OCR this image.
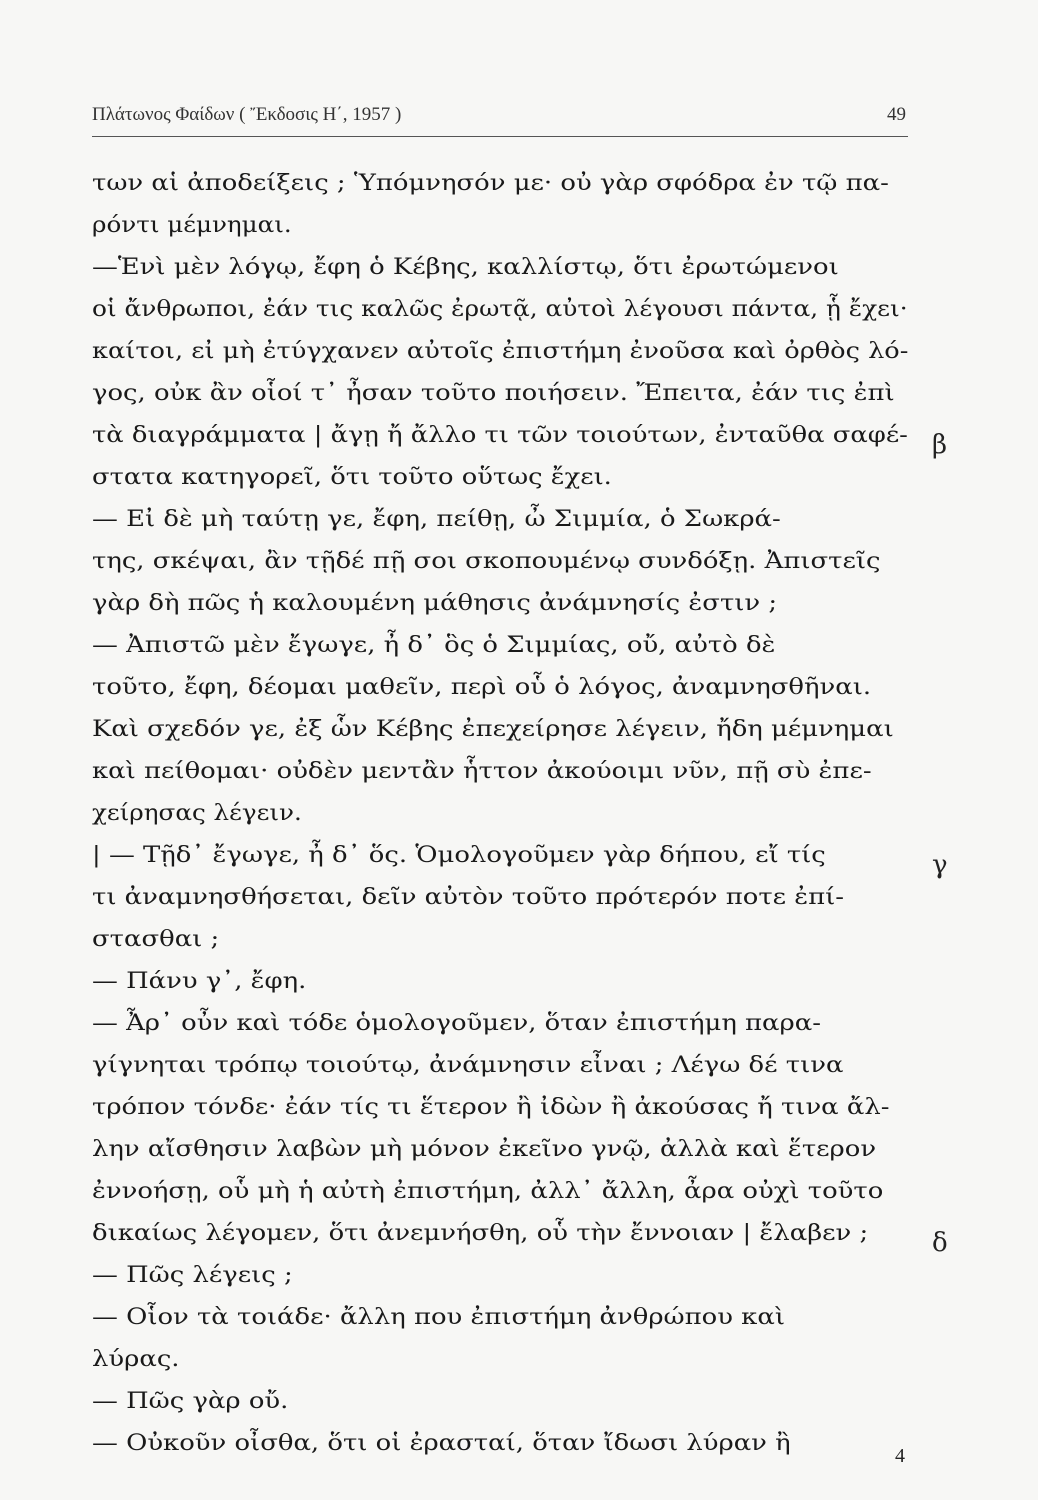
Πλάτωνος Φαίδων ( Ἔκδοσις Η΄, 1957 )	49
των αἱ ἀποδείξεις ; Ὑπόμνησόν με· οὐ γὰρ σφόδρα ἐν τῷ πα-
ρόντι μέμνημαι.
—Ἑνὶ μὲν λόγῳ, ἔφη ὁ Κέβης, καλλίστῳ, ὅτι ἐρωτώμενοι
οἱ ἄνθρωποι, ἐάν τις καλῶς ἐρωτᾷ, αὐτοὶ λέγουσι πάντα, ᾗ ἔχει·
καίτοι, εἰ μὴ ἐτύγχανεν αὐτοῖς ἐπιστήμη ἐνοῦσα καὶ ὀρθὸς λό-
γος, οὐκ ἂν οἷοί τ᾽ ἦσαν τοῦτο ποιήσειν. Ἔπειτα, ἐάν τις ἐπὶ
τὰ διαγράμματα | ἄγῃ ἤ ἄλλο τι τῶν τοιούτων, ἐνταῦθα σαφέ-
στατα κατηγορεῖ, ὅτι τοῦτο οὕτως ἔχει.
— Εἰ δὲ μὴ ταύτῃ γε, ἔφη, πείθῃ, ὦ Σιμμία, ὁ Σωκρά-
της, σκέψαι, ἂν τῇδέ πῇ σοι σκοπουμένῳ συνδόξῃ. Ἀπιστεῖς
γὰρ δὴ πῶς ἡ καλουμένη μάθησις ἀνάμνησίς ἐστιν ;
— Ἀπιστῶ μὲν ἔγωγε, ἦ δ᾽ ὃς ὁ Σιμμίας, οὔ, αὐτὸ δὲ
τοῦτο, ἔφη, δέομαι μαθεῖν, περὶ οὗ ὁ λόγος, ἀναμνησθῆναι.
Καὶ σχεδόν γε, ἐξ ὧν Κέβης ἐπεχείρησε λέγειν, ἤδη μέμνημαι
καὶ πείθομαι· οὐδὲν μεντἂν ἧττον ἀκούοιμι νῦν, πῇ σὺ ἐπε-
χείρησας λέγειν.
| — Τῇδ᾽ ἔγωγε, ἦ δ᾽ ὅς. Ὁμολογοῦμεν γὰρ δήπου, εἴ τίς
τι ἀναμνησθήσεται, δεῖν αὐτὸν τοῦτο πρότερόν ποτε ἐπί-
στασθαι ;
— Πάνυ γ᾽, ἔφη.
— Ἆρ᾽ οὖν καὶ τόδε ὁμολογοῦμεν, ὅταν ἐπιστήμη παρα-
γίγνηται τρόπῳ τοιούτῳ, ἀνάμνησιν εἶναι ; Λέγω δέ τινα
τρόπον τόνδε· ἐάν τίς τι ἕτερον ἢ ἰδὼν ἢ ἀκούσας ἤ τινα ἄλ-
λην αἴσθησιν λαβὼν μὴ μόνον ἐκεῖνο γνῷ, ἀλλὰ καὶ ἕτερον
ἐννοήσῃ, οὗ μὴ ἡ αὐτὴ ἐπιστήμη, ἀλλ᾽ ἄλλη, ἆρα οὐχὶ τοῦτο
δικαίως λέγομεν, ὅτι ἀνεμνήσθη, οὗ τὴν ἔννοιαν | ἔλαβεν ;
— Πῶς λέγεις ;
— Οἷον τὰ τοιάδε· ἄλλη που ἐπιστήμη ἀνθρώπου καὶ
λύρας.
— Πῶς γὰρ οὔ.
— Οὐκοῦν οἶσθα, ὅτι οἱ ἐρασταί, ὅταν ἴδωσι λύραν ἢ
β
γ
δ
4
